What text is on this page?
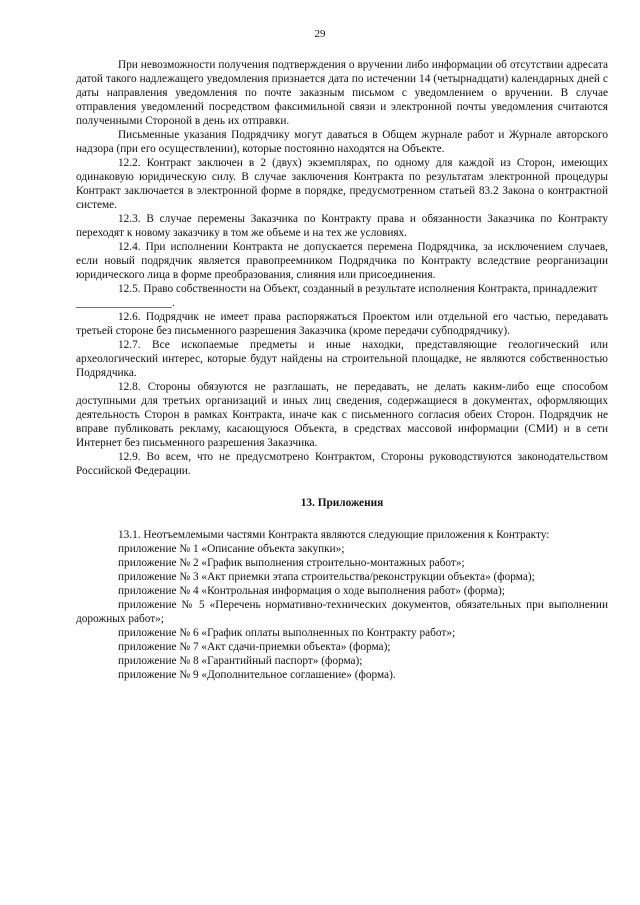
29

При невозможности получения подтверждения о вручении либо информации об отсутствии адресата датой такого надлежащего уведомления признается дата по истечении 14 (четырнадцати) календарных дней с даты направления уведомления по почте заказным письмом с уведомлением о вручении. В случае отправления уведомлений посредством факсимильной связи и электронной почты уведомления считаются полученными Стороной в день их отправки.

Письменные указания Подрядчику могут даваться в Общем журнале работ и Журнале авторского надзора (при его осуществлении), которые постоянно находятся на Объекте.

12.2. Контракт заключен в 2 (двух) экземплярах, по одному для каждой из Сторон, имеющих одинаковую юридическую силу. В случае заключения Контракта по результатам электронной процедуры Контракт заключается в электронной форме в порядке, предусмотренном статьей 83.2 Закона о контрактной системе.

12.3. В случае перемены Заказчика по Контракту права и обязанности Заказчика по Контракту переходят к новому заказчику в том же объеме и на тех же условиях.

12.4. При исполнении Контракта не допускается перемена Подрядчика, за исключением случаев, если новый подрядчик является правопреемником Подрядчика по Контракту вследствие реорганизации юридического лица в форме преобразования, слияния или присоединения.

12.5. Право собственности на Объект, созданный в результате исполнения Контракта, принадлежит _________________.

12.6. Подрядчик не имеет права распоряжаться Проектом или отдельной его частью, передавать третьей стороне без письменного разрешения Заказчика (кроме передачи субподрядчику).

12.7. Все ископаемые предметы и иные находки, представляющие геологический или археологический интерес, которые будут найдены на строительной площадке, не являются собственностью Подрядчика.

12.8. Стороны обязуются не разглашать, не передавать, не делать каким-либо еще способом доступными для третьих организаций и иных лиц сведения, содержащиеся в документах, оформляющих деятельность Сторон в рамках Контракта, иначе как с письменного согласия обеих Сторон. Подрядчик не вправе публиковать рекламу, касающуюся Объекта, в средствах массовой информации (СМИ) и в сети Интернет без письменного разрешения Заказчика.

12.9. Во всем, что не предусмотрено Контрактом, Стороны руководствуются законодательством Российской Федерации.

13. Приложения

13.1. Неотъемлемыми частями Контракта являются следующие приложения к Контракту:

приложение № 1 «Описание объекта закупки»;

приложение № 2 «График выполнения строительно-монтажных работ»;

приложение № 3 «Акт приемки этапа строительства/реконструкции объекта» (форма);

приложение № 4 «Контрольная информация о ходе выполнения работ» (форма);

приложение № 5 «Перечень нормативно-технических документов, обязательных при выполнении дорожных работ»;

приложение № 6 «График оплаты выполненных по Контракту работ»;

приложение № 7 «Акт сдачи-приемки объекта» (форма);

приложение № 8 «Гарантийный паспорт» (форма);

приложение № 9 «Дополнительное соглашение» (форма).
